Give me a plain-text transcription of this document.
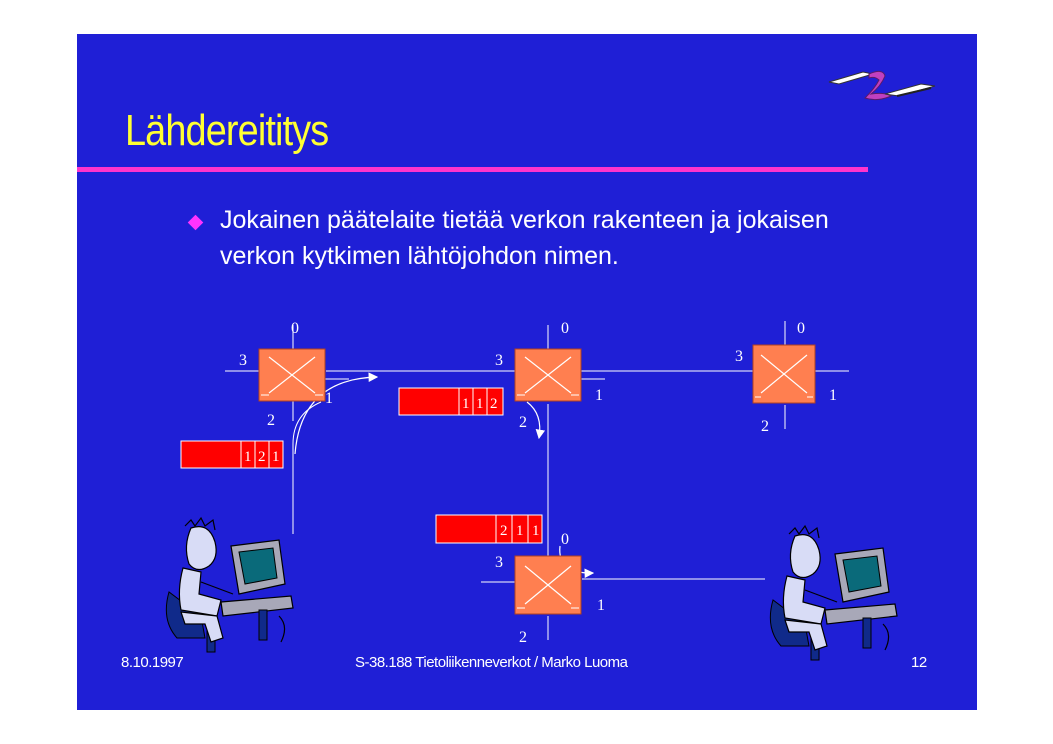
Lähdereititys

Jokainen päätelaite tietää verkon rakenteen ja jokaisen verkon kytkimen lähtöjohdon nimen.

0
1
2
3
0
1
2
3
0
1
2
3
0
1
2
3
1 2 1
1 1 2
2 1 1
8.10.1997	S-38.188 Tietoliikenneverkot / Marko Luoma	12
